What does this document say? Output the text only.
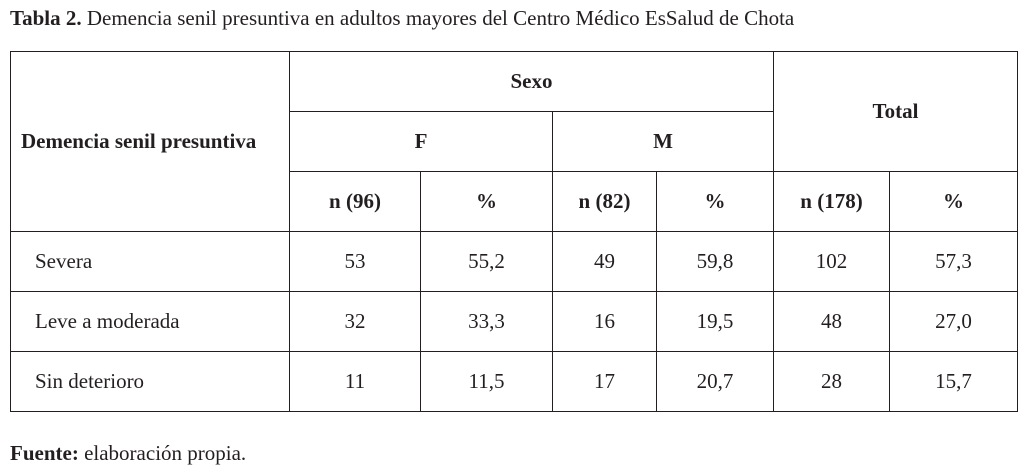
Tabla 2. Demencia senil presuntiva en adultos mayores del Centro Médico EsSalud de Chota
Demencia senil presuntiva	Sexo				Total	
	F		M			
	n (96)	%	n (82)	%	n (178)	%
Severa	53	55,2	49	59,8	102	57,3
Leve a moderada	32	33,3	16	19,5	48	27,0
Sin deterioro	11	11,5	17	20,7	28	15,7
Fuente: elaboración propia.
